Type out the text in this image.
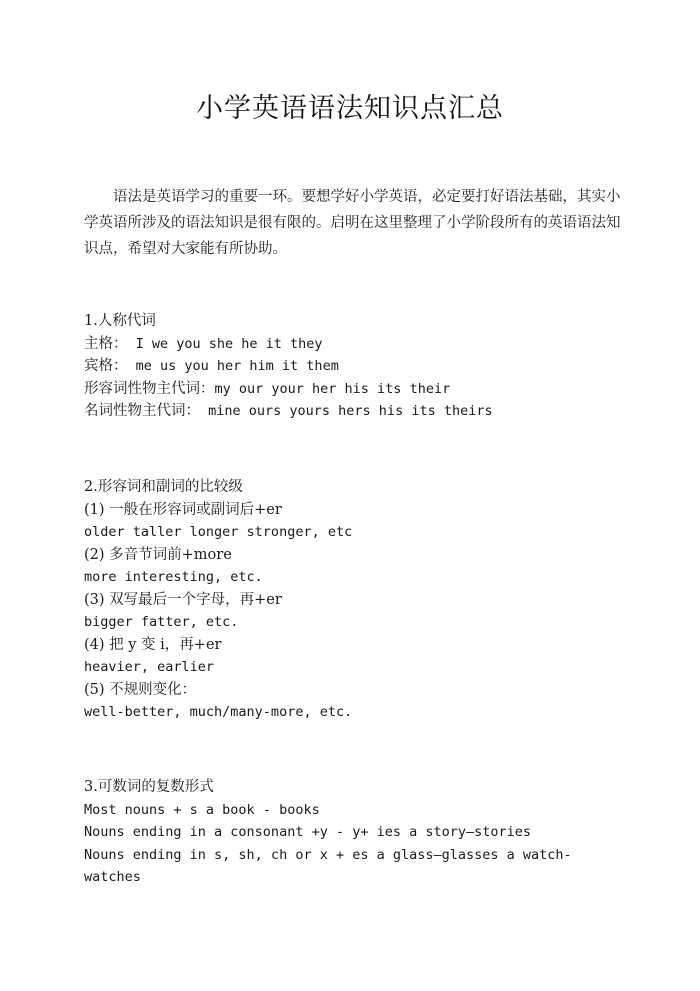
小学英语语法知识点汇总

语法是英语学习的重要一环。要想学好小学英语，必定要打好语法基础，其实小学英语所涉及的语法知识是很有限的。启明在这里整理了小学阶段所有的英语语法知识点，希望对大家能有所协助。

1.人称代词
主格： I we you she he it they
宾格： me us you her him it them
形容词性物主代词：my our your her his its their
名词性物主代词： mine ours yours hers his its theirs
2.形容词和副词的比较级
(1) 一般在形容词或副词后+er
older taller longer stronger, etc
(2) 多音节词前+more
more interesting, etc.
(3) 双写最后一个字母，再+er
bigger fatter, etc.
(4) 把 y 变 i，再+er
heavier, earlier
(5) 不规则变化：
well-better, much/many-more, etc.
3.可数词的复数形式
Most nouns + s a book - books
Nouns ending in a consonant +y - y+ ies a story—stories
Nouns ending in s, sh, ch or x + es a glass—glasses a watch-watches
